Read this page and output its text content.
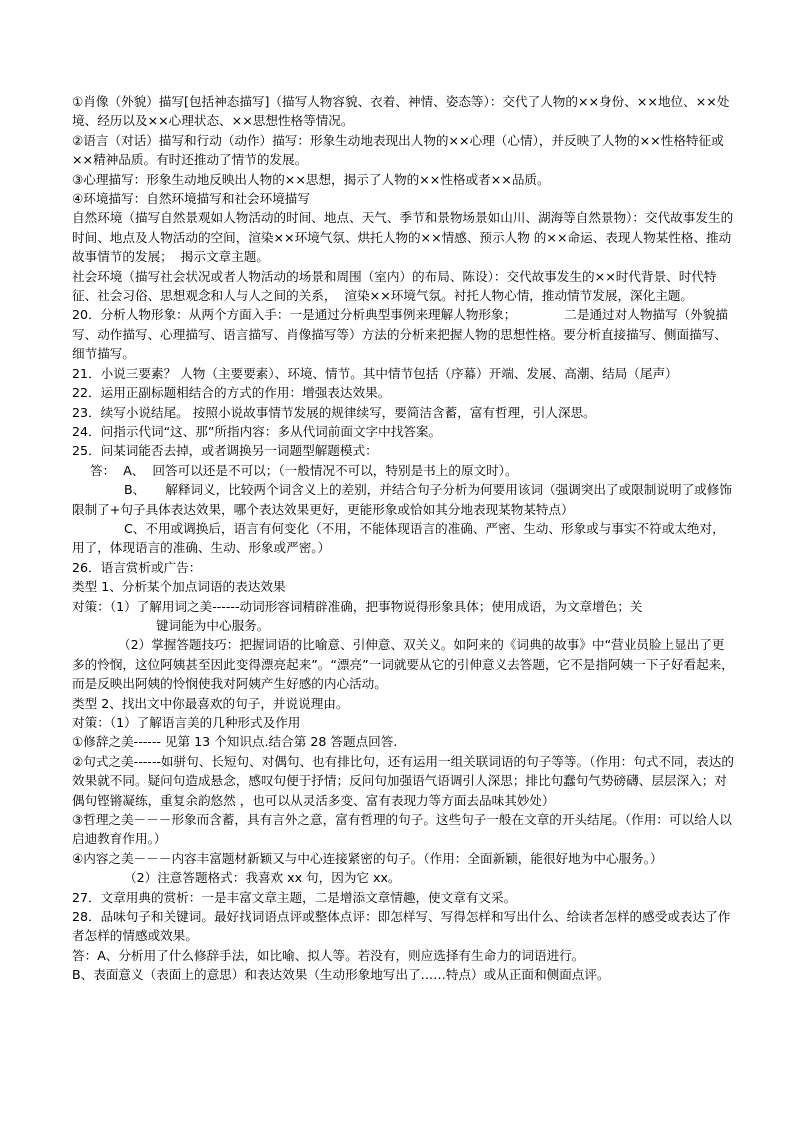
①肖像（外貌）描写[包括神态描写]（描写人物容貌、衣着、神情、姿态等）：交代了人物的××身份、××地位、××处境、经历以及××心理状态、××思想性格等情况。
②语言（对话）描写和行动（动作）描写：形象生动地表现出人物的××心理（心情），并反映了人物的××性格特征或××精神品质。有时还推动了情节的发展。
③心理描写：形象生动地反映出人物的××思想，揭示了人物的××性格或者××品质。
④环境描写：自然环境描写和社会环境描写
自然环境（描写自然景观如人物活动的时间、地点、天气、季节和景物场景如山川、湖海等自然景物）：交代故事发生的时间、地点及人物活动的空间，渲染××环境气氛、烘托人物的××情感、预示人物 的××命运、表现人物某性格、推动故事情节的发展；  揭示文章主题。
社会环境（描写社会状况或者人物活动的场景和周围（室内）的布局、陈设）：交代故事发生的××时代背景、时代特征、社会习俗、思想观念和人与人之间的关系，  渲染××环境气氛。衬托人物心情，推动情节发展，深化主题。
20．分析人物形象：从两个方面入手：一是通过分析典型事例来理解人物形象；            二是通过对人物描写（外貌描写、动作描写、心理描写、语言描写、肖像描写等）方法的分析来把握人物的思想性格。要分析直接描写、侧面描写、细节描写。
21．小说三要素？ 人物（主要要素）、环境、情节。其中情节包括（序幕）开端、发展、高潮、结局（尾声）
22．运用正副标题相结合的方式的作用：增强表达效果。
23．续写小说结尾。 按照小说故事情节发展的规律续写，要简洁含蓄，富有哲理，引人深思。
24．问指示代词“这、那”所指内容：多从代词前面文字中找答案。
25．问某词能否去掉，或者调换另一词题型解题模式：
答：  A、  回答可以还是不可以；（一般情况不可以，特别是书上的原文时）。
B、     解释词义，比较两个词含义上的差别，并结合句子分析为何要用该词（强调突出了或限制说明了或修饰限制了+句子具体表达效果，哪个表达效果更好，更能形象或恰如其分地表现某物某特点）
C、不用或调换后，语言有何变化（不用，不能体现语言的准确、严密、生动、形象或与事实不符或太绝对，用了，体现语言的准确、生动、形象或严密。）
26．语言赏析或广告：
类型 1、分析某个加点词语的表达效果
对策：（1）了解用词之美------动词形容词精辟准确，把事物说得形象具体；使用成语，为文章增色；关
键词能为中心服务。
（2）掌握答题技巧：把握词语的比喻意、引伸意、双关义。如阿来的《词典的故事》中“营业员脸上显出了更多的怜悯，这位阿姨甚至因此变得漂亮起来”。“漂亮”一词就要从它的引伸意义去答题，它不是指阿姨一下子好看起来，而是反映出阿姨的怜悯使我对阿姨产生好感的内心活动。
类型 2、找出文中你最喜欢的句子，并说说理由。
对策：（1）了解语言美的几种形式及作用
①修辞之美------ 见第 13 个知识点.结合第 28 答题点回答.
②句式之美------如骈句、长短句、对偶句、也有排比句，还有运用一组关联词语的句子等等。（作用：句式不同，表达的效果就不同。疑问句造成悬念，感叹句便于抒情；反问句加强语气语调引人深思；排比句蠢句气势磅礴、层层深入；对偶句铿锵凝练，重复余韵悠然 ，也可以从灵活多变、富有表现力等方面去品味其妙处）
③哲理之美－－－形象而含蓄，具有言外之意，富有哲理的句子。这些句子一般在文章的开头结尾。（作用：可以给人以启迪教育作用。）
④内容之美－－－内容丰富题材新颖又与中心连接紧密的句子。（作用：全面新颖，能很好地为中心服务。）
（2）注意答题格式：我喜欢 xx 句，因为它 xx。
27．文章用典的赏析：一是丰富文章主题，二是增添文章情趣，使文章有文采。
28．品味句子和关键词。最好找词语点评或整体点评：即怎样写、写得怎样和写出什么、给读者怎样的感受或表达了作者怎样的情感或效果。
答：A、分析用了什么修辞手法，如比喻、拟人等。若没有，则应选择有生命力的词语进行。
B、表面意义（表面上的意思）和表达效果（生动形象地写出了……特点）或从正面和侧面点评。
